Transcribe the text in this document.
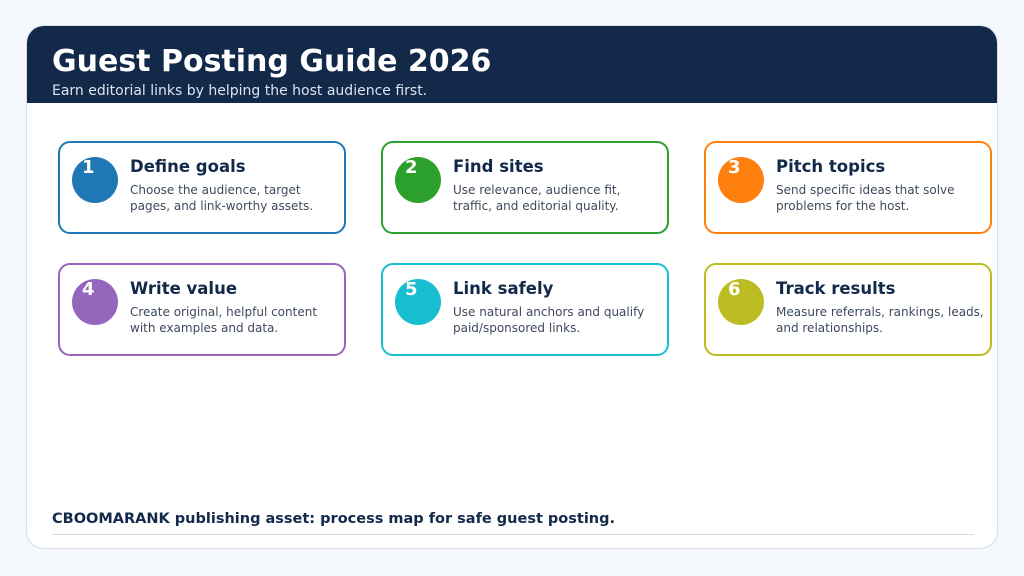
Guest Posting Guide 2026
Earn editorial links by helping the host audience first.
1 Define goals
Choose the audience, target pages, and link-worthy assets.
2 Find sites
Use relevance, audience fit, traffic, and editorial quality.
3 Pitch topics
Send specific ideas that solve problems for the host.
4 Write value
Create original, helpful content with examples and data.
5 Link safely
Use natural anchors and qualify paid/sponsored links.
6 Track results
Measure referrals, rankings, leads, and relationships.
CBOOMARANK publishing asset: process map for safe guest posting.
